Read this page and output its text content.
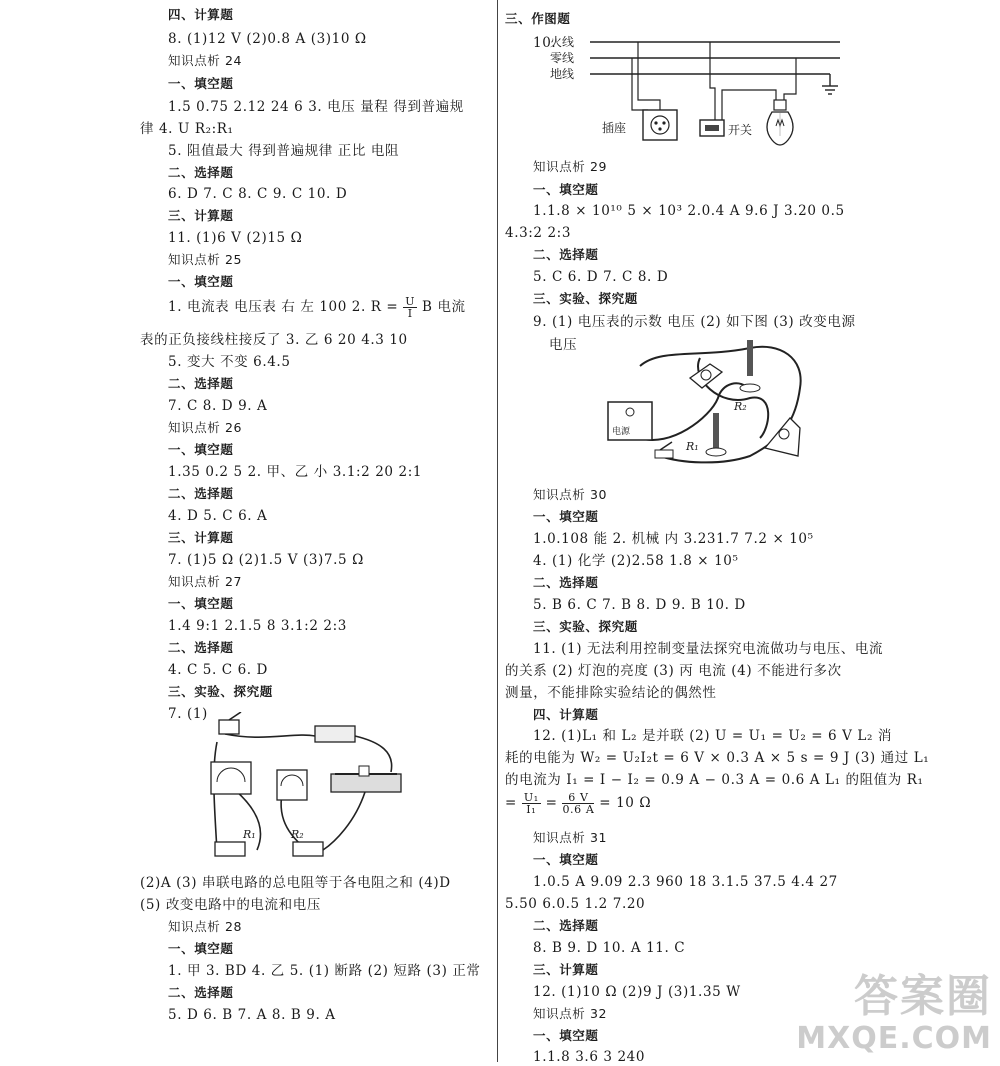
四、计算题
8. (1)12 V (2)0.8 A (3)10 Ω
知识点析 24
一、填空题
1.5 0.75 2.12 24 6 3. 电压 量程 得到普遍规
律 4. U R₂:R₁
5. 阻值最大 得到普遍规律 正比 电阻
二、选择题
6. D 7. C 8. C 9. C 10. D
三、计算题
11. (1)6 V (2)15 Ω
知识点析 25
一、填空题
表的正负接线柱接反了 3. 乙 6 20 4.3 10
5. 变大 不变 6.4.5
二、选择题
7. C 8. D 9. A
知识点析 26
一、填空题
1.35 0.2 5 2. 甲、乙 小 3.1:2 20 2:1
二、选择题
4. D 5. C 6. A
三、计算题
7. (1)5 Ω (2)1.5 V (3)7.5 Ω
知识点析 27
一、填空题
1.4 9:1 2.1.5 8 3.1:2 2:3
二、选择题
4. C 5. C 6. D
三、实验、探究题
7. (1)
(2)A (3) 串联电路的总电阻等于各电阻之和 (4)D
(5) 改变电路中的电流和电压
知识点析 28
一、填空题
1. 甲 3. BD 4. 乙 5. (1) 断路 (2) 短路 (3) 正常
二、选择题
5. D 6. B 7. A 8. B 9. A
三、作图题
10.
知识点析 29
一、填空题
1.1.8 × 10¹⁰ 5 × 10³ 2.0.4 A 9.6 J 3.20 0.5
4.3:2 2:3
二、选择题
5. C 6. D 7. C 8. D
三、实验、探究题
9. (1) 电压表的示数 电压 (2) 如下图 (3) 改变电源
电压
知识点析 30
一、填空题
1.0.108 能 2. 机械 内 3.231.7 7.2 × 10⁵
4. (1) 化学 (2)2.58 1.8 × 10⁵
二、选择题
5. B 6. C 7. B 8. D 9. B 10. D
三、实验、探究题
11. (1) 无法利用控制变量法探究电流做功与电压、电流
的关系 (2) 灯泡的亮度 (3) 丙 电流 (4) 不能进行多次
测量，不能排除实验结论的偶然性
四、计算题
12. (1)L₁ 和 L₂ 是并联 (2) U = U₁ = U₂ = 6 V L₂ 消
耗的电能为 W₂ = U₂I₂t = 6 V × 0.3 A × 5 s = 9 J (3) 通过 L₁
的电流为 I₁ = I − I₂ = 0.9 A − 0.3 A = 0.6 A L₁ 的阻值为 R₁
知识点析 31
一、填空题
1.0.5 A 9.09 2.3 960 18 3.1.5 37.5 4.4 27
5.50 6.0.5 1.2 7.20
二、选择题
8. B 9. D 10. A 11. C
三、计算题
12. (1)10 Ω (2)9 J (3)1.35 W
知识点析 32
一、填空题
1.1.8 3.6 3 240
1. 电流表 电压表 右 左 100 2. $R = \frac{U}{I}$ B 电流
= $\frac{\text{U₁}}{\text{I₁}} = \frac{6 V}{0.6 A} = 10$ Ω
火线
零线
地线
插座	开关
电源
R₂
R₁
R₁	R₂
答案圈
MXQE.COM
